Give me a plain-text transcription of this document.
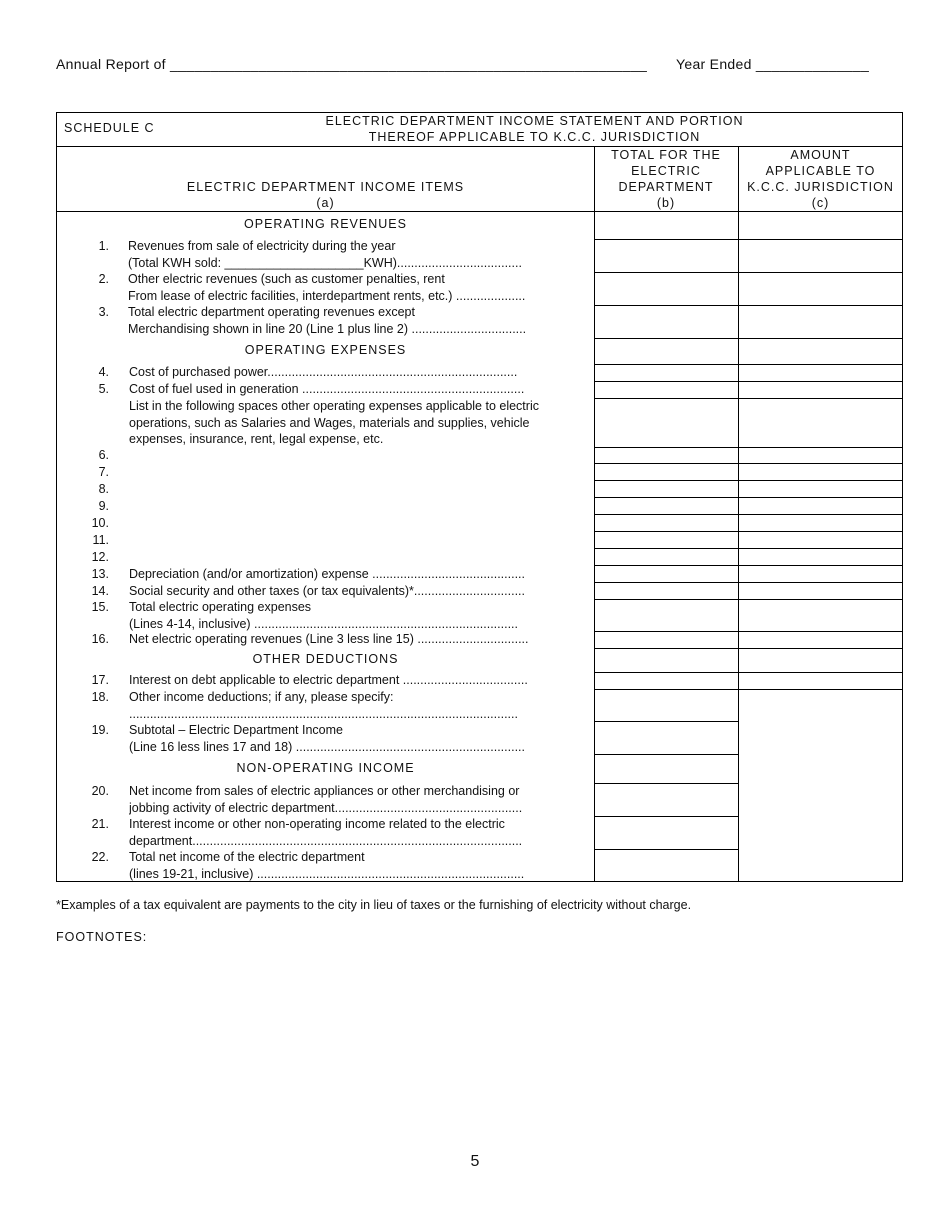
Annual Report of ___________________________________________________________ Year Ended ______________
SCHEDULE C	ELECTRIC DEPARTMENT INCOME STATEMENT AND PORTION
THEREOF APPLICABLE TO K.C.C. JURISDICTION
ELECTRIC DEPARTMENT INCOME ITEMS
(a)
TOTAL FOR THE
ELECTRIC
DEPARTMENT
(b)
AMOUNT
APPLICABLE TO
K.C.C. JURISDICTION
(c)
OPERATING REVENUES
OPERATING EXPENSES
OTHER DEDUCTIONS
NON-OPERATING INCOME
1. Revenues from sale of electricity during the year
(Total KWH sold: ____________________KWH)....................................
2. Other electric revenues (such as customer penalties, rent
From lease of electric facilities, interdepartment rents, etc.) ....................
3. Total electric department operating revenues except
Merchandising shown in line 20 (Line 1 plus line 2) .................................
4. Cost of purchased power........................................................................
5. Cost of fuel used in generation ................................................................
List in the following spaces other operating expenses applicable to electric operations, such as Salaries and Wages, materials and supplies, vehicle expenses, insurance, rent, legal expense, etc.
6.
7.
8.
9.
10.
11.
12.
13. Depreciation (and/or amortization) expense ............................................
14. Social security and other taxes (or tax equivalents)*................................
15. Total electric operating expenses
(Lines 4-14, inclusive) ............................................................................
16. Net electric operating revenues (Line 3 less line 15) ................................
17. Interest on debt applicable to electric department ....................................
18. Other income deductions; if any, please specify:
................................................................................................................
19. Subtotal – Electric Department Income
(Line 16 less lines 17 and 18) ..................................................................
20. Net income from sales of electric appliances or other merchandising or
jobbing activity of electric department......................................................
21. Interest income or other non-operating income related to the electric
department...............................................................................................
22. Total net income of the electric department
(lines 19-21, inclusive) .............................................................................
*Examples of a tax equivalent are payments to the city in lieu of taxes or the furnishing of electricity without charge.
FOOTNOTES:
5
